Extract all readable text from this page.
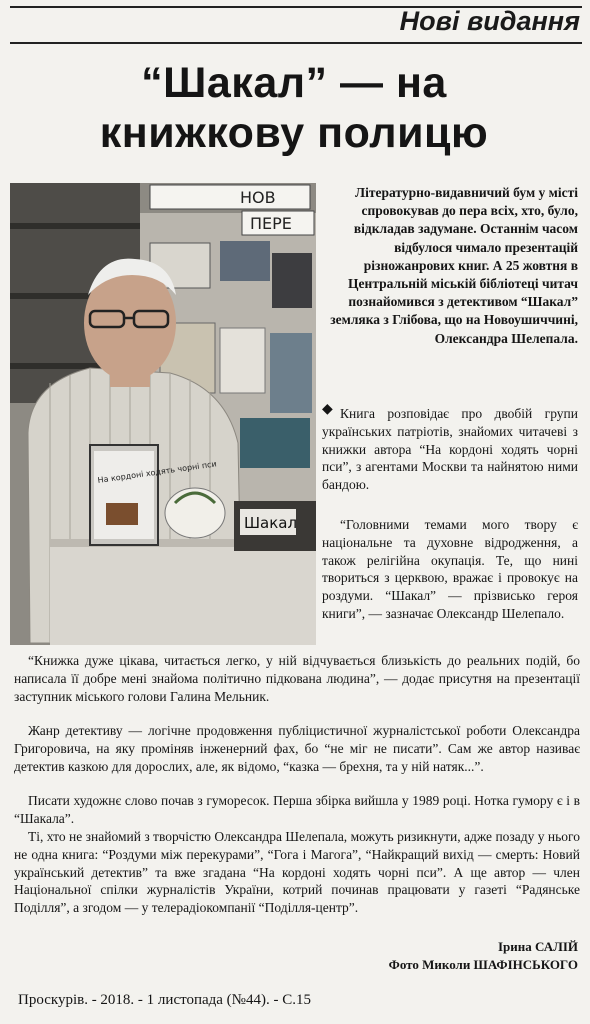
Нові видання
“Шакал” — на
книжкову полицю
НОВ
ПЕРЕ
На кордоні ходять чорні пси
Шакал
Літературно-видавничий бум у місті спровокував до пера всіх, хто, було, відкладав задумане. Останнім часом відбулося чимало презентацій різножанрових книг. А 25 жовтня в Центральній міській бібліотеці читач познайомився з детективом “Шакал” земляка з Глібова, що на Новоушиччині, Олександра Шелепала.
◆ Книга розповідає про двобій групи українських патріотів, знайомих читачеві з книжки автора “На кордоні ходять чорні пси”, з агентами Москви та найнятою ними бандою.
“Головними темами мого твору є національне та духовне відродження, а також релігійна окупація. Те, що нині твориться з церквою, вражає і провокує на роздуми. “Шакал” — прізвисько героя книги”, — зазначає Олександр Шелепало.
“Книжка дуже цікава, читається легко, у ній відчувається близькість до реальних подій, бо написала її добре мені знайома політично підкована людина”, — додає присутня на презентації заступник міського голови Галина Мельник.
Жанр детективу — логічне продовження публіцистичної журналістської роботи Олександра Григоровича, на яку проміняв інженерний фах, бо “не міг не писати”. Сам же автор називає детектив казкою для дорослих, але, як відомо, “казка — брехня, та у ній натяк...”.
Писати художнє слово почав з гуморесок. Перша збірка вийшла у 1989 році. Нотка гумору є і в “Шакала”.
Ті, хто не знайомий з творчістю Олександра Шелепала, можуть ризикнути, адже позаду у нього не одна книга: “Роздуми між перекурами”, “Гога і Магога”, “Найкращий вихід — смерть: Новий український детектив” та вже згадана “На кордоні ходять чорні пси”. А ще автор — член Національної спілки журналістів України, котрий починав працювати у газеті “Радянське Поділля”, а згодом — у телерадіокомпанії “Поділля-центр”.
Ірина САЛІЙ
Фото Миколи ШАФІНСЬКОГО
Проскурів. - 2018. - 1 листопада (№44). - С.15
